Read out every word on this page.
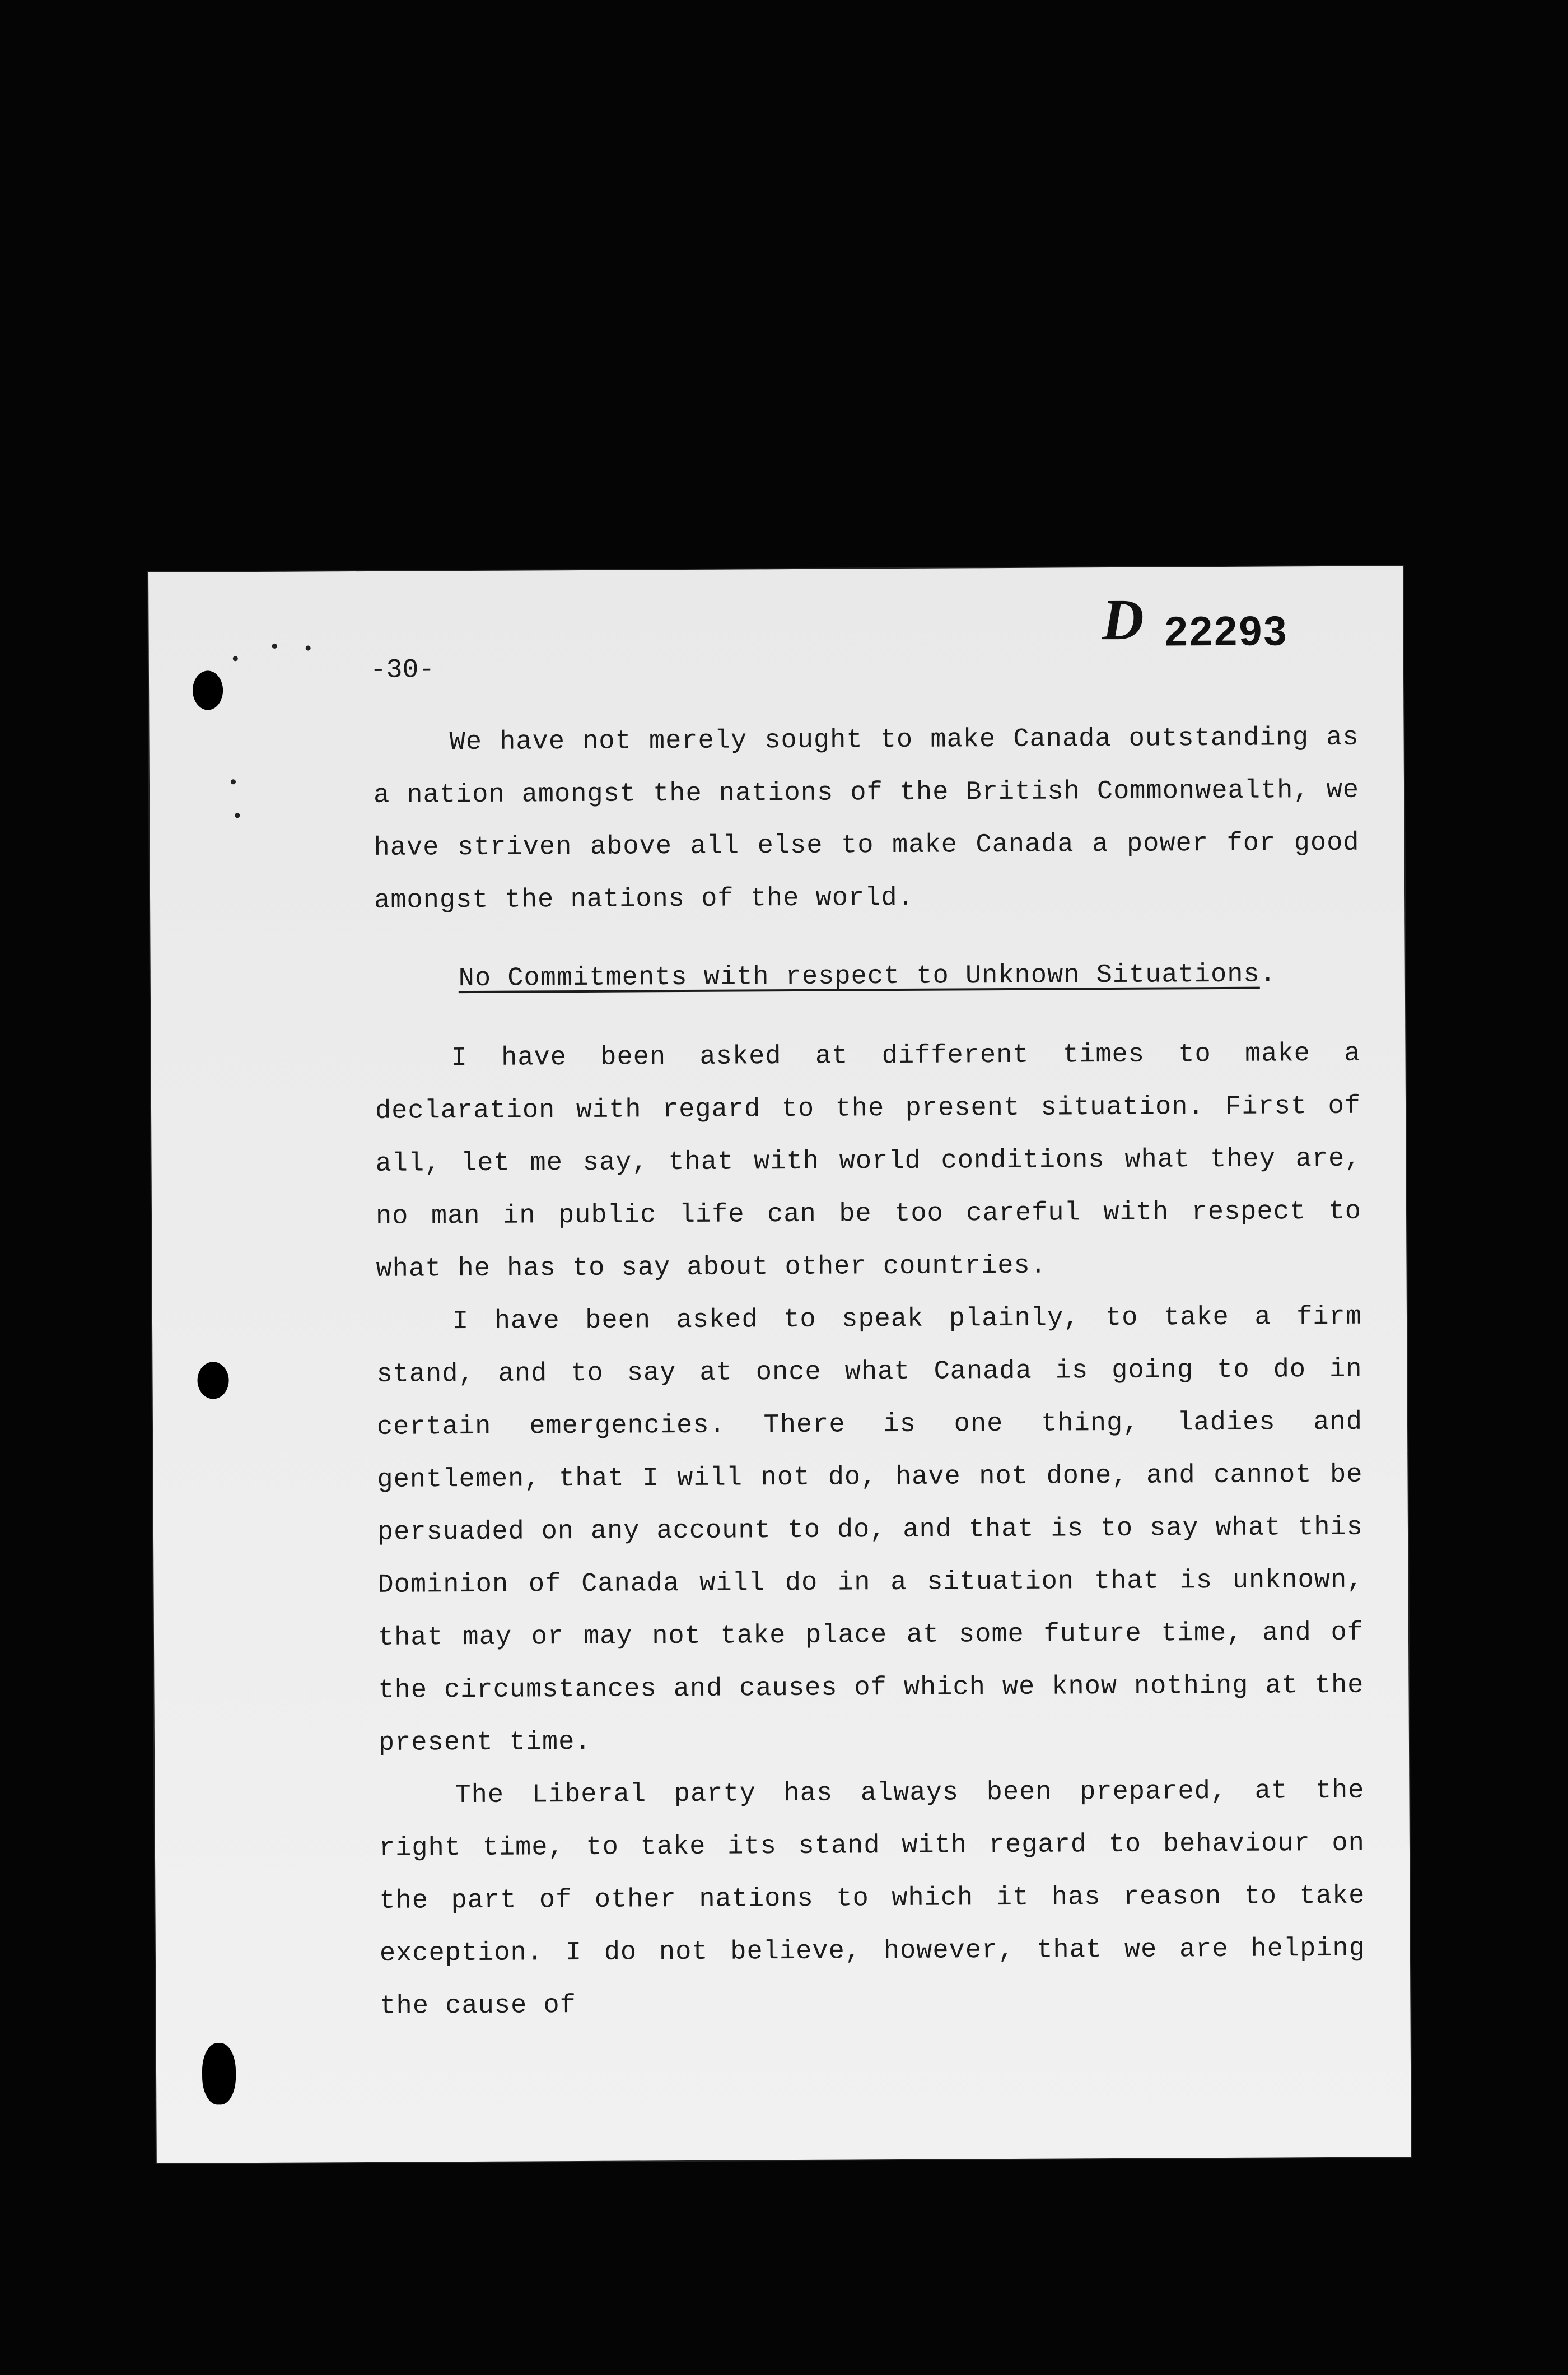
D 22293
-30-

We have not merely sought to make Canada outstanding as a nation amongst the nations of the British Commonwealth, we have striven above all else to make Canada a power for good amongst the nations of the world.

No Commitments with respect to Unknown Situations.

I have been asked at different times to make a declaration with regard to the present situation. First of all, let me say, that with world conditions what they are, no man in public life can be too careful with respect to what he has to say about other countries.

I have been asked to speak plainly, to take a firm stand, and to say at once what Canada is going to do in certain emergencies. There is one thing, ladies and gentlemen, that I will not do, have not done, and cannot be persuaded on any account to do, and that is to say what this Dominion of Canada will do in a situation that is unknown, that may or may not take place at some future time, and of the circumstances and causes of which we know nothing at the present time.

The Liberal party has always been prepared, at the right time, to take its stand with regard to behaviour on the part of other nations to which it has reason to take exception. I do not believe, however, that we are helping the cause of
